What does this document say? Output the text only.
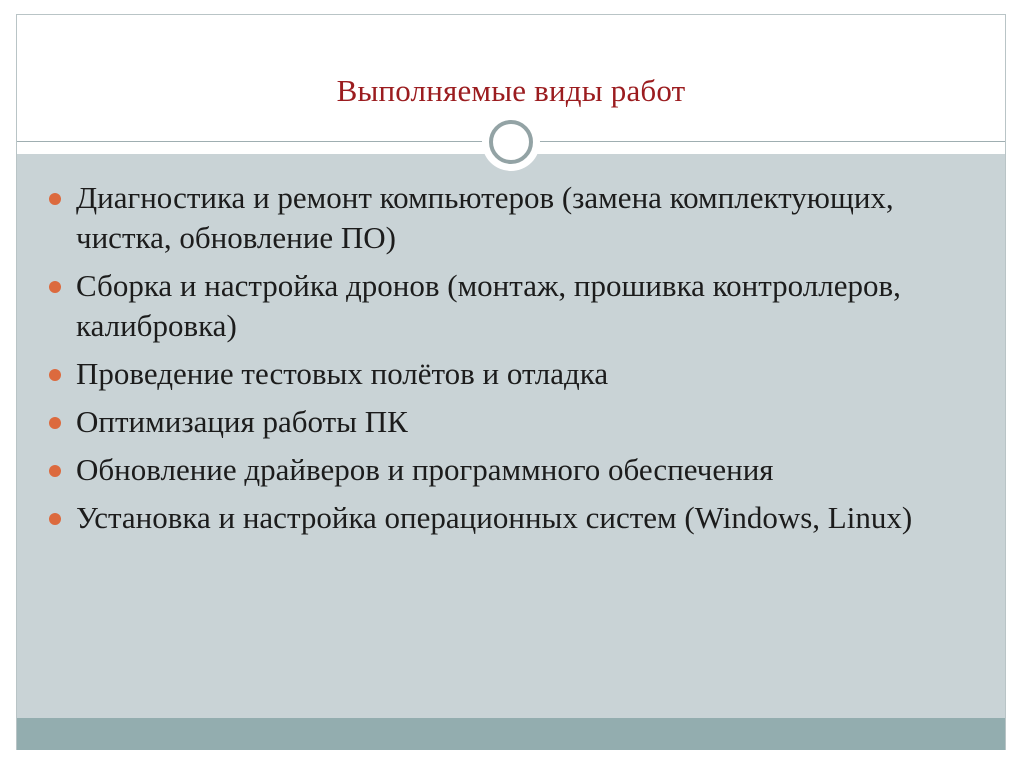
Выполняемые виды работ
Диагностика и ремонт компьютеров (замена комплектующих, чистка, обновление ПО)
Сборка и настройка дронов (монтаж, прошивка контроллеров, калибровка)
Проведение тестовых полётов и отладка
Оптимизация работы ПК
Обновление драйверов и программного обеспечения
Установка и настройка операционных систем (Windows, Linux)
